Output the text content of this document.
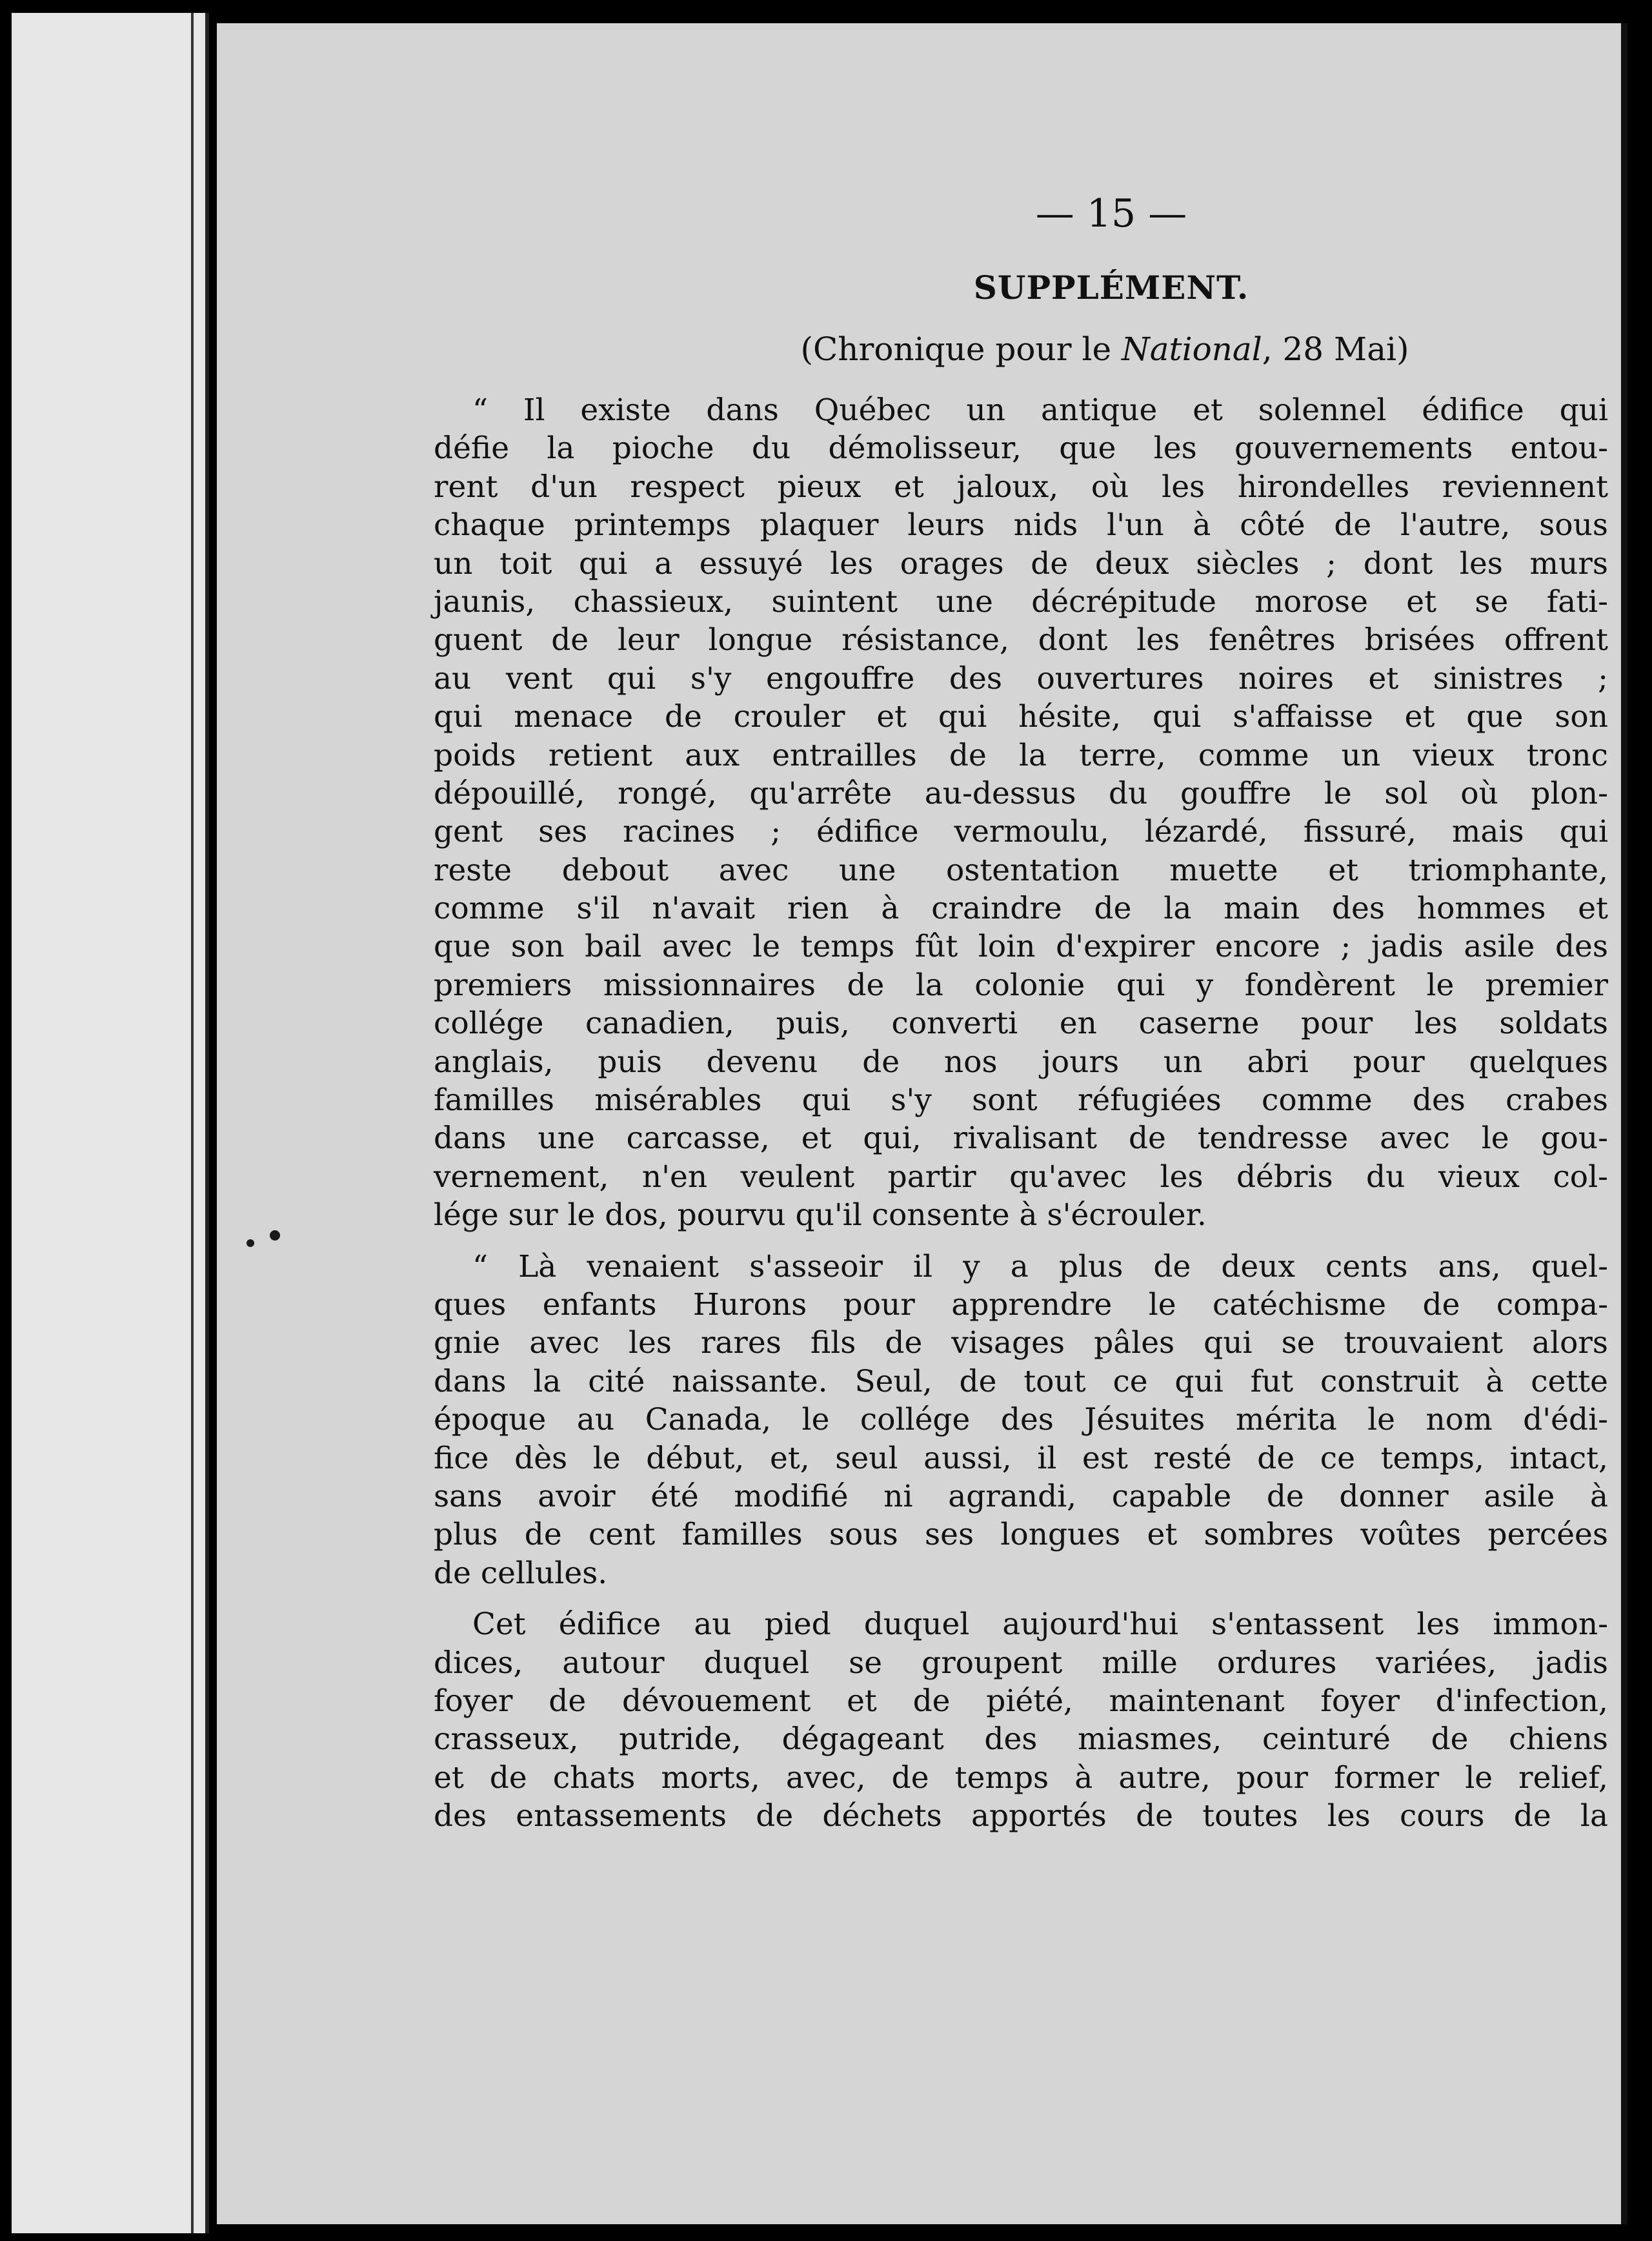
— 15 —
SUPPLÉMENT.
(Chronique pour le National, 28 Mai)
“ Il existe dans Québec un antique et solennel édifice qui
défie la pioche du démolisseur, que les gouvernements entou-
rent d'un respect pieux et jaloux, où les hirondelles reviennent
chaque printemps plaquer leurs nids l'un à côté de l'autre, sous
un toit qui a essuyé les orages de deux siècles ; dont les murs
jaunis, chassieux, suintent une décrépitude morose et se fati-
guent de leur longue résistance, dont les fenêtres brisées offrent
au vent qui s'y engouffre des ouvertures noires et sinistres ;
qui menace de crouler et qui hésite, qui s'affaisse et que son
poids retient aux entrailles de la terre, comme un vieux tronc
dépouillé, rongé, qu'arrête au-dessus du gouffre le sol où plon-
gent ses racines ; édifice vermoulu, lézardé, fissuré, mais qui
reste debout avec une ostentation muette et triomphante,
comme s'il n'avait rien à craindre de la main des hommes et
que son bail avec le temps fût loin d'expirer encore ; jadis asile des
premiers missionnaires de la colonie qui y fondèrent le premier
collége canadien, puis, converti en caserne pour les soldats
anglais, puis devenu de nos jours un abri pour quelques
familles misérables qui s'y sont réfugiées comme des crabes
dans une carcasse, et qui, rivalisant de tendresse avec le gou-
vernement, n'en veulent partir qu'avec les débris du vieux col-
lége sur le dos, pourvu qu'il consente à s'écrouler.
“ Là venaient s'asseoir il y a plus de deux cents ans, quel-
ques enfants Hurons pour apprendre le catéchisme de compa-
gnie avec les rares fils de visages pâles qui se trouvaient alors
dans la cité naissante. Seul, de tout ce qui fut construit à cette
époque au Canada, le collége des Jésuites mérita le nom d'édi-
fice dès le début, et, seul aussi, il est resté de ce temps, intact,
sans avoir été modifié ni agrandi, capable de donner asile à
plus de cent familles sous ses longues et sombres voûtes percées
de cellules.
Cet édifice au pied duquel aujourd'hui s'entassent les immon-
dices, autour duquel se groupent mille ordures variées, jadis
foyer de dévouement et de piété, maintenant foyer d'infection,
crasseux, putride, dégageant des miasmes, ceinturé de chiens
et de chats morts, avec, de temps à autre, pour former le relief,
des entassements de déchets apportés de toutes les cours de la
